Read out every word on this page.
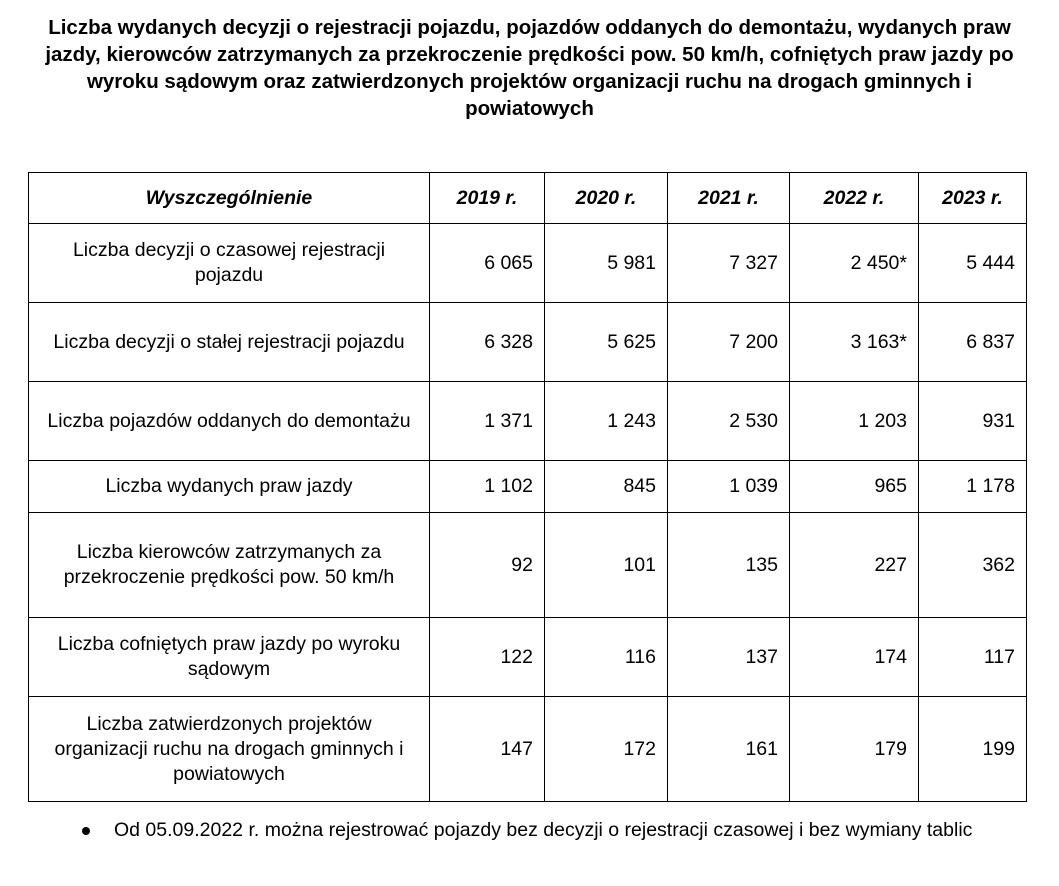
Liczba wydanych decyzji o rejestracji pojazdu, pojazdów oddanych do demontażu, wydanych praw jazdy, kierowców zatrzymanych za przekroczenie prędkości pow. 50 km/h, cofniętych praw jazdy po wyroku sądowym oraz zatwierdzonych projektów organizacji ruchu na drogach gminnych i powiatowych

Wyszczególnienie	2019 r.	2020 r.	2021 r.	2022 r.	2023 r.
Liczba decyzji o czasowej rejestracji pojazdu	6 065	5 981	7 327	2 450*	5 444
Liczba decyzji o stałej rejestracji pojazdu	6 328	5 625	7 200	3 163*	6 837
Liczba pojazdów oddanych do demontażu	1 371	1 243	2 530	1 203	931
Liczba wydanych praw jazdy	1 102	845	1 039	965	1 178
Liczba kierowców zatrzymanych za przekroczenie prędkości pow. 50 km/h	92	101	135	227	362
Liczba cofniętych praw jazdy po wyroku sądowym	122	116	137	174	117
Liczba zatwierdzonych projektów organizacji ruchu na drogach gminnych i powiatowych	147	172	161	179	199
Od 05.09.2022 r. można rejestrować pojazdy bez decyzji o rejestracji czasowej i bez wymiany tablic
